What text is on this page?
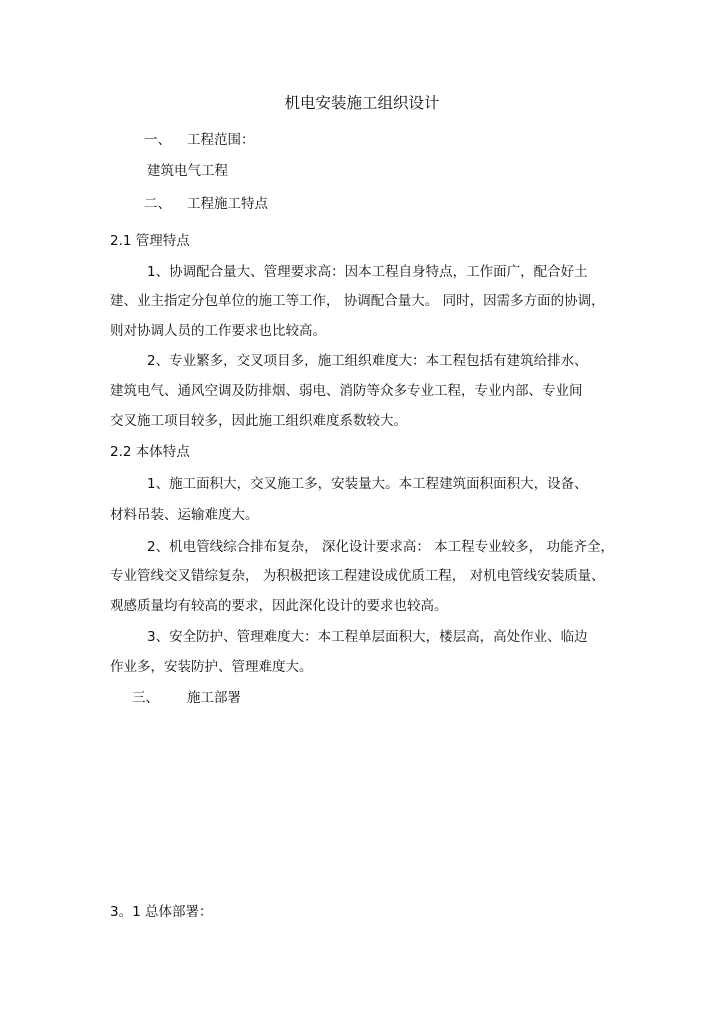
机电安装施工组织设计

一、 工程范围：

建筑电气工程

二、 工程施工特点

2.1 管理特点

1、协调配合量大、管理要求高：因本工程自身特点，工作面广，配合好土

建、业主指定分包单位的施工等工作， 协调配合量大。 同时，因需多方面的协调，

则对协调人员的工作要求也比较高。

2、专业繁多，交叉项目多，施工组织难度大：本工程包括有建筑给排水、

建筑电气、通风空调及防排烟、弱电、消防等众多专业工程，专业内部、专业间

交叉施工项目较多，因此施工组织难度系数较大。

2.2 本体特点

1、施工面积大，交叉施工多，安装量大。本工程建筑面积面积大，设备、

材料吊装、运输难度大。

2、机电管线综合排布复杂， 深化设计要求高： 本工程专业较多， 功能齐全，

专业管线交叉错综复杂， 为积极把该工程建设成优质工程， 对机电管线安装质量、

观感质量均有较高的要求，因此深化设计的要求也较高。

3、安全防护、管理难度大：本工程单层面积大，楼层高，高处作业、临边

作业多，安装防护、管理难度大。

三、 施工部署

3。1 总体部署：
